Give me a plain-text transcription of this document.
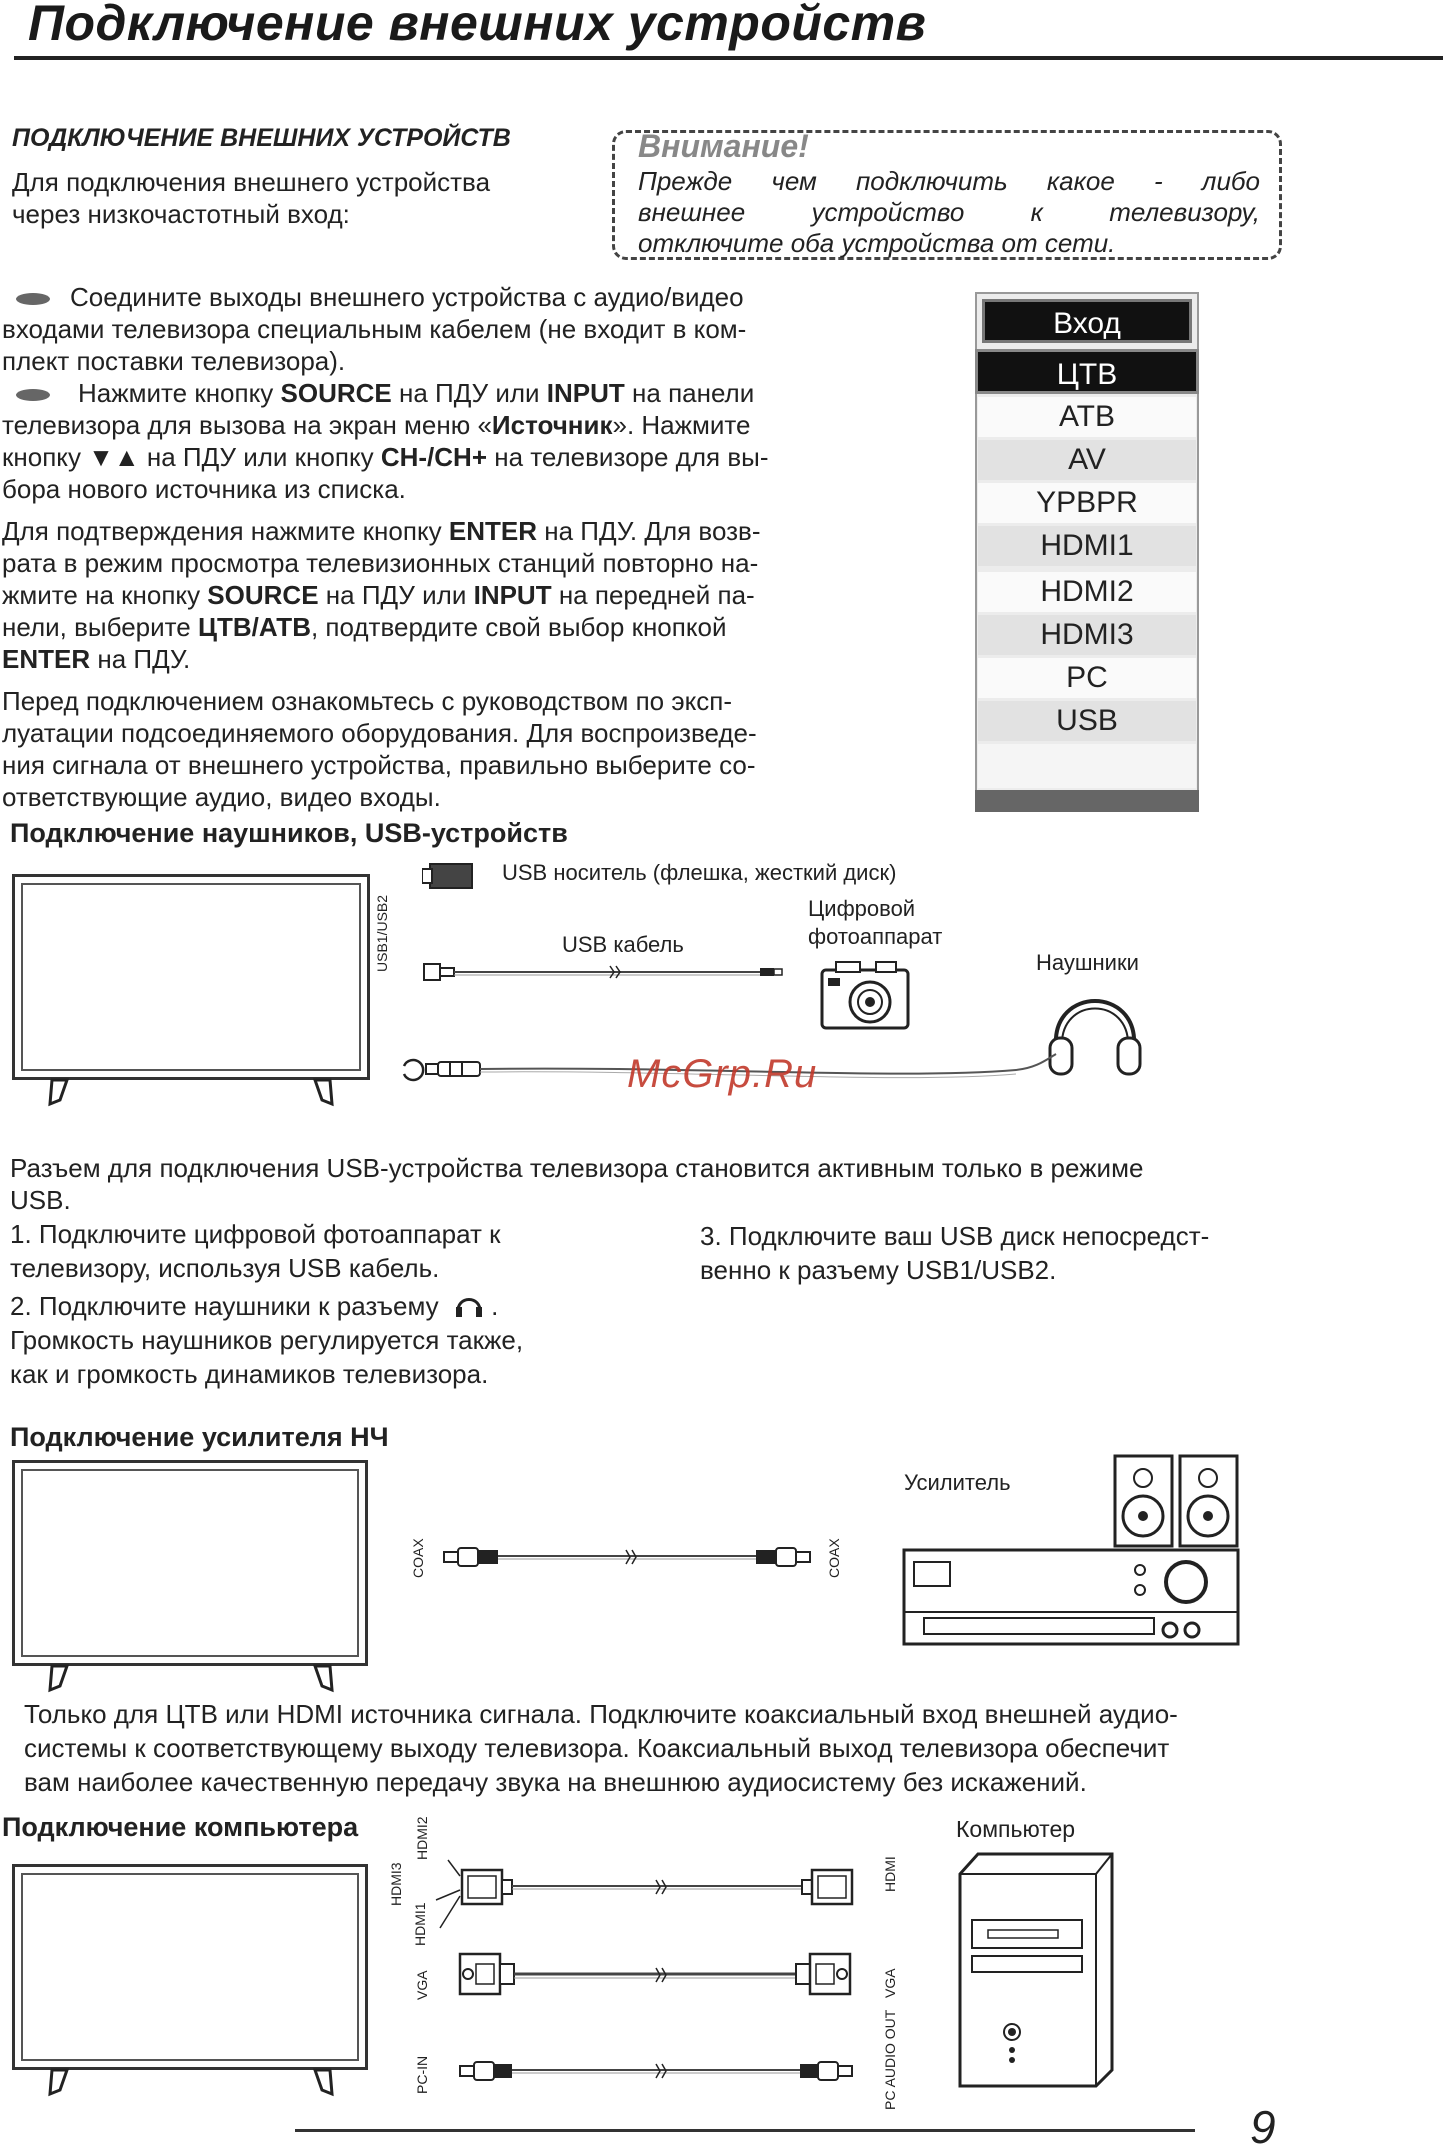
Подключение внешних устройств
ПОДКЛЮЧЕНИЕ ВНЕШНИХ УСТРОЙСТВ
Для подключения внешнего устройства
через низкочастотный вход:
Внимание!
Прежде чем подключить какое - либо
внешнее устройство к телевизору,
отключите оба устройства от сети.
Соедините выходы внешнего устройства с аудио/видео
входами телевизора специальным кабелем (не входит в ком-
плект поставки телевизора).
Нажмите кнопку SOURCE на ПДУ или INPUT на панели
телевизора для вызова на экран меню «Источник». Нажмите
кнопку ▼▲ на ПДУ или кнопку CH-/CH+ на телевизоре для вы-
бора нового источника из списка.
Для подтверждения нажмите кнопку ENTER на ПДУ. Для возв-
рата в режим просмотра телевизионных станций повторно на-
жмите на кнопку SOURCE на ПДУ или INPUT на передней па-
нели, выберите ЦТВ/АТВ, подтвердите свой выбор кнопкой
ENTER на ПДУ.
Перед подключением ознакомьтесь с руководством по эксп-
луатации подсоединяемого оборудования. Для воспроизведе-
ния сигнала от внешнего устройства, правильно выберите со-
ответствующие аудио, видео входы.
Вход
ЦТВ
АТВ
AV
YPBPR
HDMI1
HDMI2
HDMI3
PC
USB
Подключение наушников, USB-устройств
USB1/USB2
USB носитель (флешка, жесткий диск)
Цифровой
фотоаппарат
USB кабель
Наушники
McGrp.Ru
Разъем для подключения USB-устройства телевизора становится активным только в режиме
USB.
1. Подключите цифровой фотоаппарат к
телевизору, используя USB кабель.
2. Подключите наушники к разъему  .
Громкость наушников регулируется также,
как и громкость динамиков телевизора.
3. Подключите ваш USB диск непосредст-
венно к разъему USB1/USB2.
Подключение усилителя НЧ
COAX	COAX
Усилитель
Только для ЦТВ или HDMI источника сигнала. Подключите коаксиальный вход внешней аудио-
системы к соответствующему выходу телевизора. Коаксиальный выход телевизора обеспечит
вам наиболее качественную передачу звука на внешнюю аудиосистему без искажений.
Подключение компьютера	Компьютер
HDMI2
HDMI3
HDMI1
VGA
PC-IN
HDMI
VGA
PC AUDIO OUT
9
